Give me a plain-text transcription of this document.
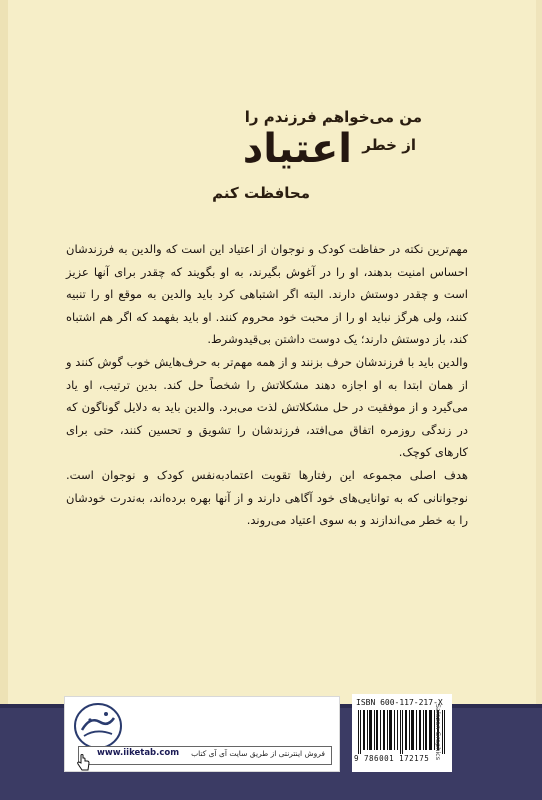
من می‌خواهم فرزندم را
از خطر
اعتیاد
محافظت کنم

مهم‌ترین نکته در حفاظت کودک و نوجوان از اعتیاد این است که والدین به فرزندشان احساس امنیت بدهند، او را در آغوش بگیرند، به او بگویند که چقدر برای آنها عزیز است و چقدر دوستش دارند. البته اگر اشتباهی کرد باید والدین به موقع او را تنبیه کنند، ولی هرگز نباید او را از محبت خود محروم کنند. او باید بفهمد که اگر هم اشتباه کند، باز دوستش دارند؛ یک دوست داشتن بی‌قیدوشرط.

والدین باید با فرزندشان حرف بزنند و از همه مهم‌تر به حرف‌هایش خوب گوش کنند و از همان ابتدا به او اجازه دهند مشکلاتش را شخصاً حل کند. بدین ترتیب، او یاد می‌گیرد و از موفقیت در حل مشکلاتش لذت می‌برد. والدین باید به دلایل گوناگون که در زندگی روزمره اتفاق می‌افتد، فرزندشان را تشویق و تحسین کنند، حتی برای کارهای کوچک.

هدف اصلی مجموعه این رفتارها تقویت اعتمادبه‌نفس کودک و نوجوان است. نوجوانانی که به توانایی‌های خود آگاهی دارند و از آنها بهره برده‌اند، به‌ندرت خودشان را به خطر می‌اندازند و به سوی اعتیاد می‌روند.

فروش اینترنتی از طریق سایت آی آی کتاب
www.iiketab.com
ISBN 600-117-217-X
9 786001 172175 Salazan Graphics
